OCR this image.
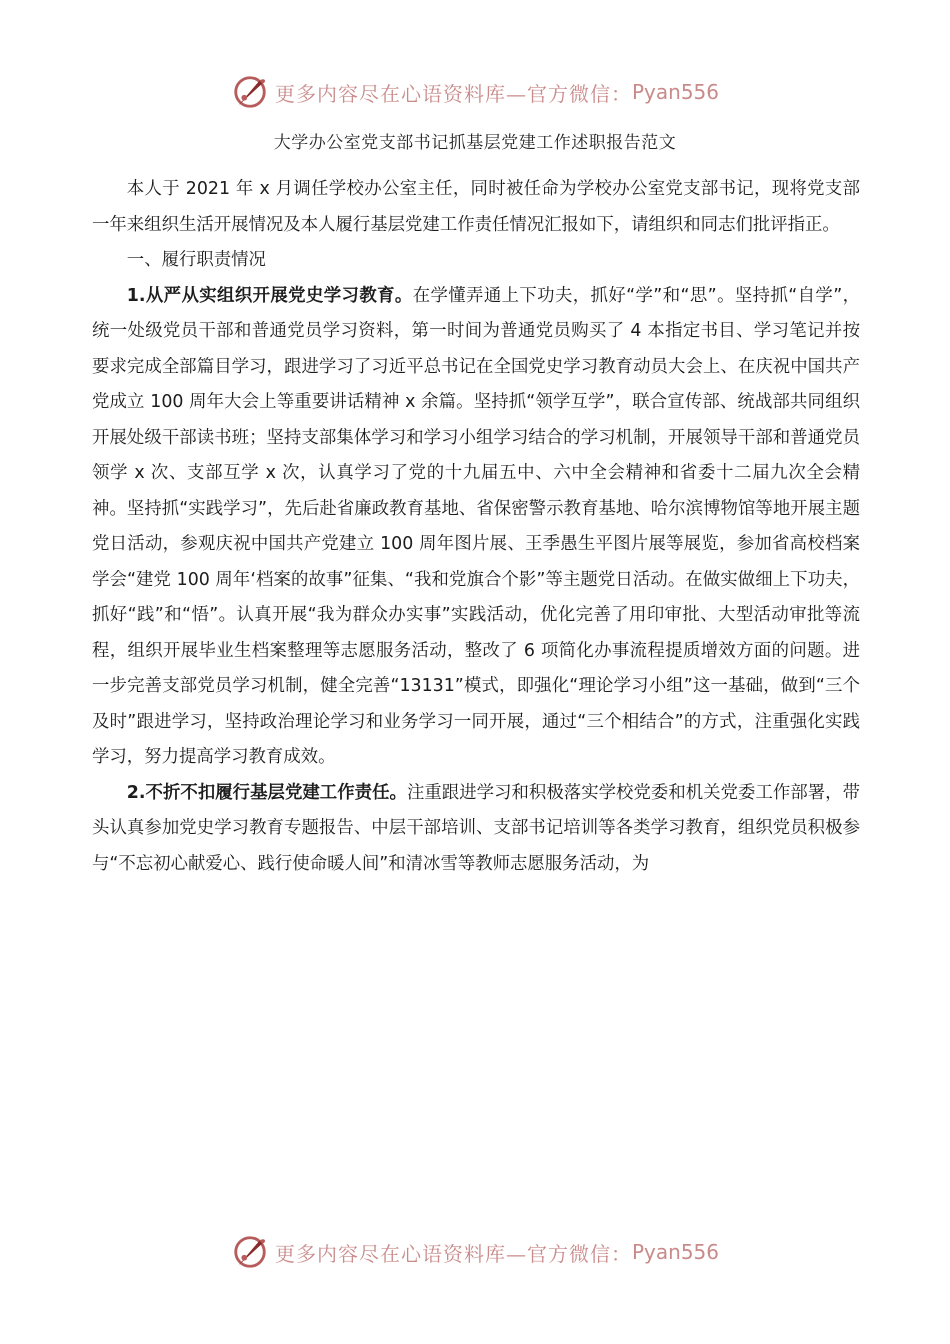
更多内容尽在心语资料库—官方微信： Pyan556
大学办公室党支部书记抓基层党建工作述职报告范文

本人于 2021 年 x 月调任学校办公室主任，同时被任命为学校办公室党支部书记，现将党支部一年来组织生活开展情况及本人履行基层党建工作责任情况汇报如下，请组织和同志们批评指正。

一、履行职责情况

1.从严从实组织开展党史学习教育。在学懂弄通上下功夫，抓好“学”和“思”。坚持抓“自学”，统一处级党员干部和普通党员学习资料，第一时间为普通党员购买了 4 本指定书目、学习笔记并按要求完成全部篇目学习，跟进学习了习近平总书记在全国党史学习教育动员大会上、在庆祝中国共产党成立 100 周年大会上等重要讲话精神 x 余篇。坚持抓“领学互学”，联合宣传部、统战部共同组织开展处级干部读书班；坚持支部集体学习和学习小组学习结合的学习机制，开展领导干部和普通党员领学 x 次、支部互学 x 次，认真学习了党的十九届五中、六中全会精神和省委十二届九次全会精神。坚持抓“实践学习”，先后赴省廉政教育基地、省保密警示教育基地、哈尔滨博物馆等地开展主题党日活动，参观庆祝中国共产党建立 100 周年图片展、王季愚生平图片展等展览，参加省高校档案学会“建党 100 周年‘档案的故事”征集、“我和党旗合个影”等主题党日活动。在做实做细上下功夫，抓好“践”和“悟”。认真开展“我为群众办实事”实践活动，优化完善了用印审批、大型活动审批等流程，组织开展毕业生档案整理等志愿服务活动，整改了 6 项简化办事流程提质增效方面的问题。进一步完善支部党员学习机制，健全完善“13131”模式，即强化“理论学习小组”这一基础，做到“三个及时”跟进学习，坚持政治理论学习和业务学习一同开展，通过“三个相结合”的方式，注重强化实践学习，努力提高学习教育成效。

2.不折不扣履行基层党建工作责任。注重跟进学习和积极落实学校党委和机关党委工作部署，带头认真参加党史学习教育专题报告、中层干部培训、支部书记培训等各类学习教育，组织党员积极参与“不忘初心献爱心、践行使命暖人间”和清冰雪等教师志愿服务活动，为

更多内容尽在心语资料库—官方微信： Pyan556
